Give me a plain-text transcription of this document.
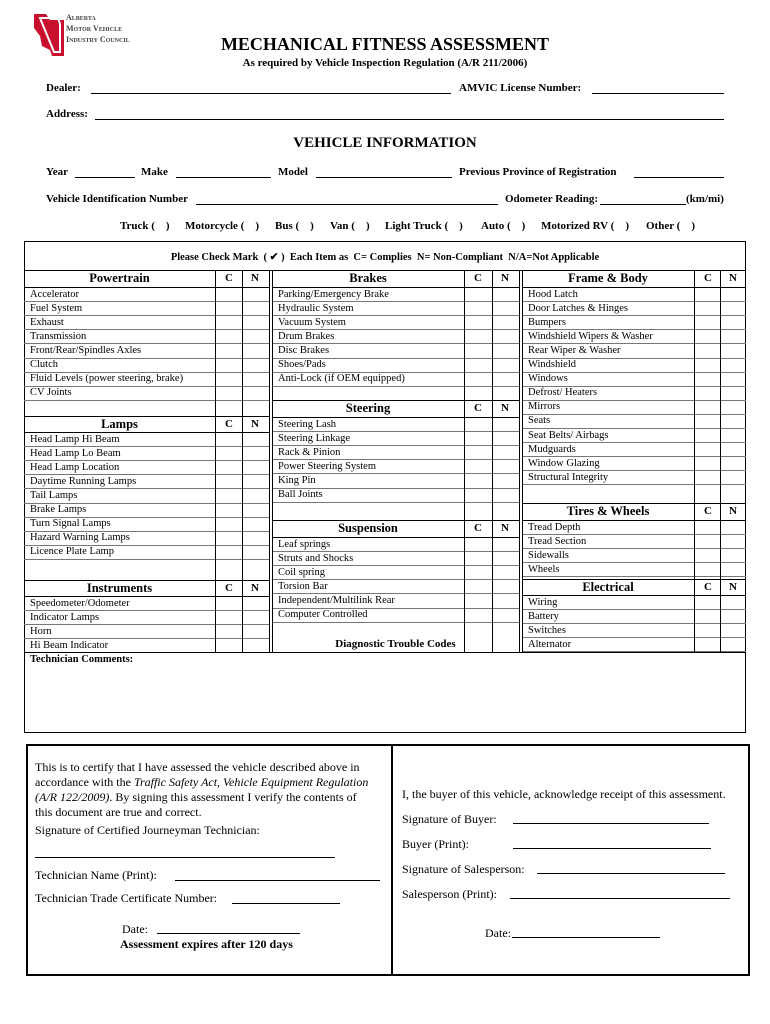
Alberta
Motor Vehicle
Industry Council	MECHANICAL FITNESS ASSESSMENT
As required by Vehicle Inspection Regulation (A/R 211/2006)
Dealer:	AMVIC License Number:
Address:
VEHICLE INFORMATION
Year	Make	Model	Previous Province of Registration
Vehicle Identification Number	Odometer Reading:	(km/mi)
Truck (    ) Motorcycle (    ) Bus (    ) Van (    ) Light Truck (    ) Auto (    ) Motorized RV (    ) Other (    )
Please Check Mark  ( ✔ )  Each Item as  C= Complies  N= Non-Compliant  N/A=Not Applicable
Powertrain	C N
Accelerator
Fuel System
Exhaust
Transmission
Front/Rear/Spindles Axles
Clutch
Fluid Levels (power steering, brake)
CV Joints
Lamps	C N
Head Lamp Hi Beam
Head Lamp Lo Beam
Head Lamp Location
Daytime Running Lamps
Tail Lamps
Brake Lamps
Turn Signal Lamps
Hazard Warning Lamps
Licence Plate Lamp
Instruments	C N
Speedometer/Odometer
Indicator Lamps
Horn
Hi Beam Indicator
Brakes	C N
Parking/Emergency Brake
Hydraulic System
Vacuum System
Drum Brakes
Disc Brakes
Shoes/Pads
Anti-Lock (if OEM equipped)
Steering	C N
Steering Lash
Steering Linkage
Rack & Pinion
Power Steering System
King Pin
Ball Joints
Suspension	C N
Leaf springs
Struts and Shocks
Coil spring
Torsion Bar
Independent/Multilink Rear
Computer Controlled
Diagnostic Trouble Codes
Frame & Body	C N
Hood Latch
Door Latches & Hinges
Bumpers
Windshield Wipers & Washer
Rear Wiper & Washer
Windshield
Windows
Defrost/ Heaters
Mirrors
Seats
Seat Belts/ Airbags
Mudguards
Window Glazing
Structural Integrity
Tires & Wheels	C N
Tread Depth
Tread Section
Sidewalls
Wheels
Electrical	C N
Wiring
Battery
Switches
Alternator
Technician Comments:
This is to certify that I have assessed the vehicle described above in
accordance with the Traffic Safety Act, Vehicle Equipment Regulation
(A/R 122/2009). By signing this assessment I verify the contents of
this document are true and correct.
Signature of Certified Journeyman Technician:
Technician Name (Print):
Technician Trade Certificate Number:
Date:
Assessment expires after 120 days
I, the buyer of this vehicle, acknowledge receipt of this assessment.
Signature of Buyer:
Buyer (Print):
Signature of Salesperson:
Salesperson (Print):
Date:
